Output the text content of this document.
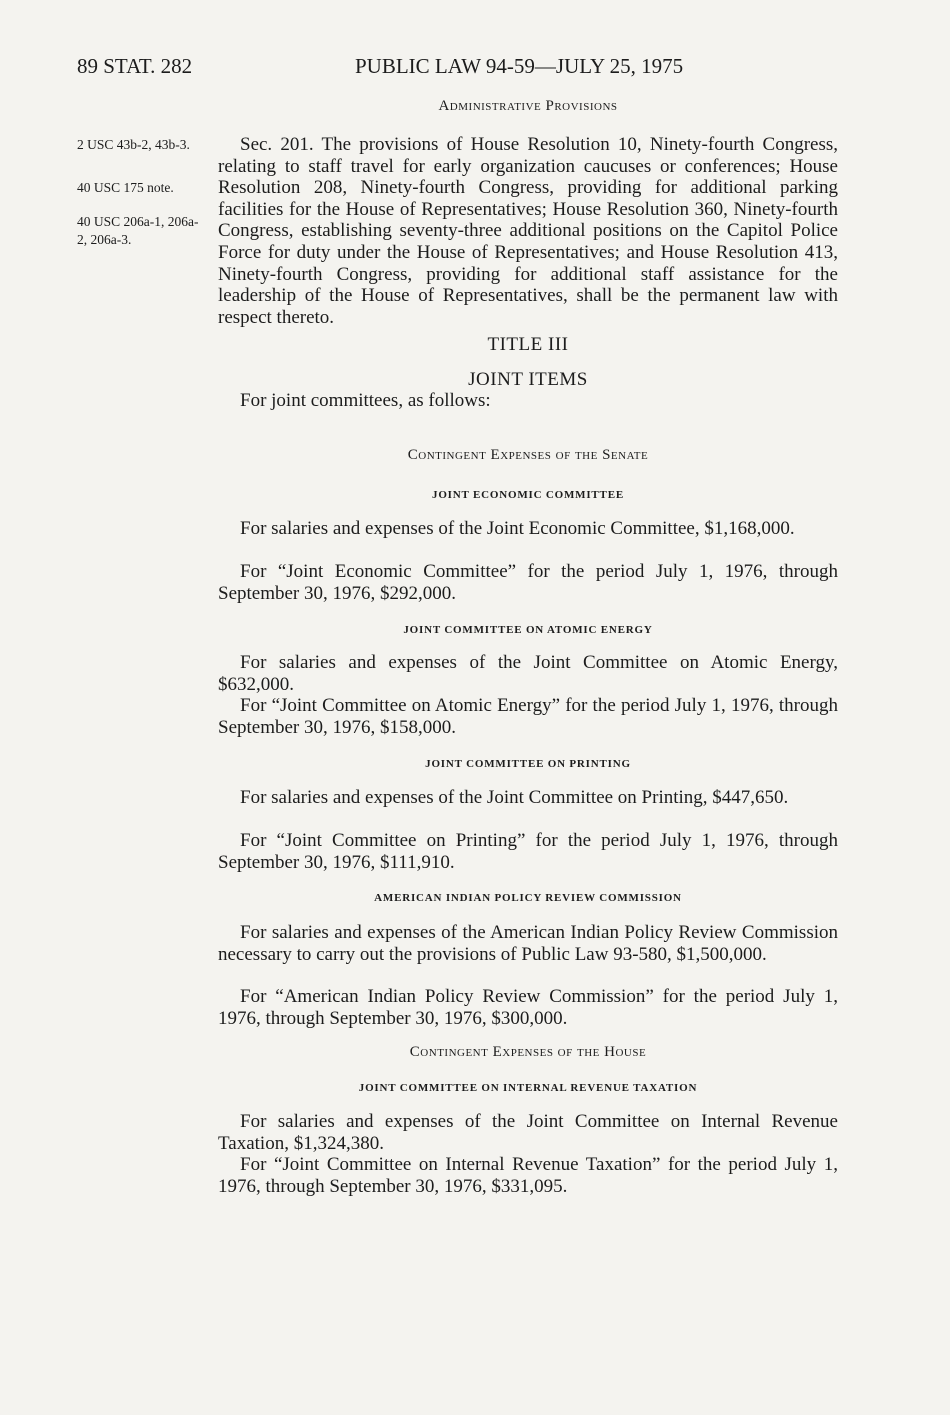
89 STAT. 282	PUBLIC LAW 94-59—JULY 25, 1975
Administrative Provisions
2 USC 43b-2, 43b-3.
40 USC 175 note.
40 USC 206a-1, 206a-2, 206a-3.

Sec. 201. The provisions of House Resolution 10, Ninety-fourth Congress, relating to staff travel for early organization caucuses or conferences; House Resolution 208, Ninety-fourth Congress, providing for additional parking facilities for the House of Representatives; House Resolution 360, Ninety-fourth Congress, establishing seventy-three additional positions on the Capitol Police Force for duty under the House of Representatives; and House Resolution 413, Ninety-fourth Congress, providing for additional staff assistance for the leadership of the House of Representatives, shall be the permanent law with respect thereto.

TITLE III
JOINT ITEMS

For joint committees, as follows:

Contingent Expenses of the Senate
JOINT ECONOMIC COMMITTEE

For salaries and expenses of the Joint Economic Committee, $1,168,000.

For “Joint Economic Committee” for the period July 1, 1976, through September 30, 1976, $292,000.

JOINT COMMITTEE ON ATOMIC ENERGY

For salaries and expenses of the Joint Committee on Atomic Energy, $632,000.

For “Joint Committee on Atomic Energy” for the period July 1, 1976, through September 30, 1976, $158,000.

JOINT COMMITTEE ON PRINTING

For salaries and expenses of the Joint Committee on Printing, $447,650.

For “Joint Committee on Printing” for the period July 1, 1976, through September 30, 1976, $111,910.

AMERICAN INDIAN POLICY REVIEW COMMISSION

For salaries and expenses of the American Indian Policy Review Commission necessary to carry out the provisions of Public Law 93-580, $1,500,000.

For “American Indian Policy Review Commission” for the period July 1, 1976, through September 30, 1976, $300,000.

Contingent Expenses of the House
JOINT COMMITTEE ON INTERNAL REVENUE TAXATION

For salaries and expenses of the Joint Committee on Internal Revenue Taxation, $1,324,380.

For “Joint Committee on Internal Revenue Taxation” for the period July 1, 1976, through September 30, 1976, $331,095.
